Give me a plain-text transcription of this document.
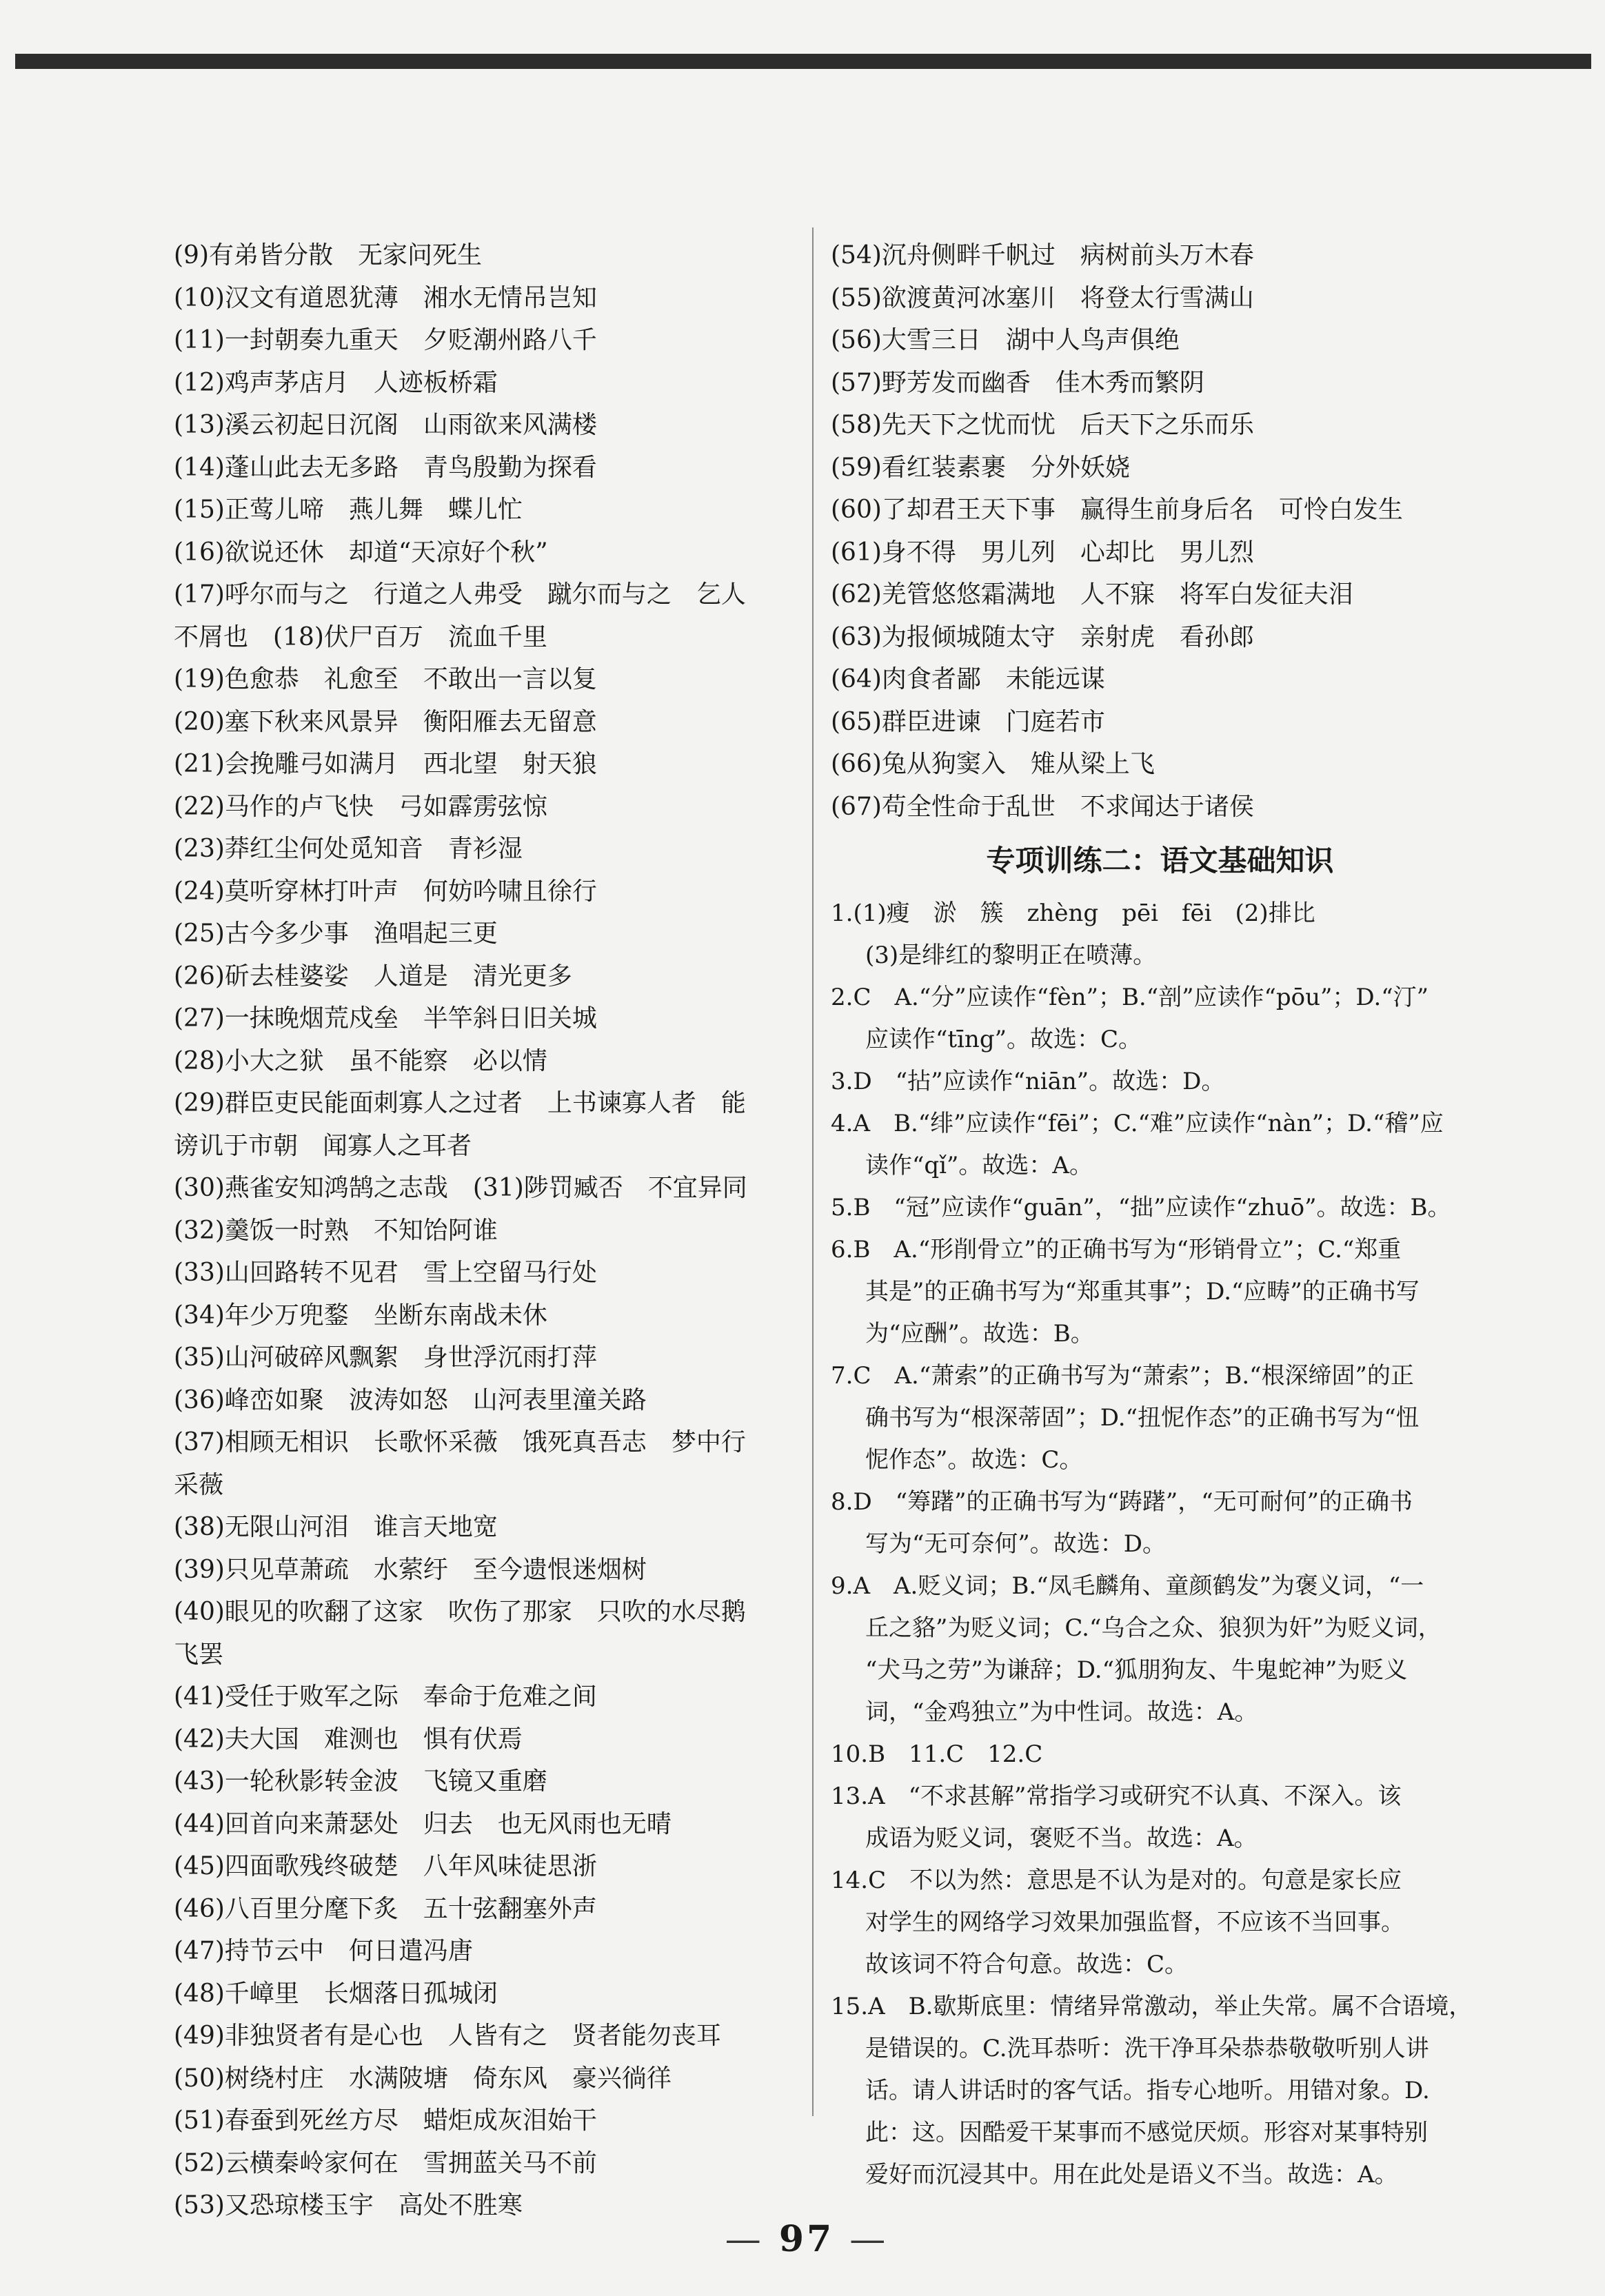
(9)有弟皆分散　无家问死生
(10)汉文有道恩犹薄　湘水无情吊岂知
(11)一封朝奏九重天　夕贬潮州路八千
(12)鸡声茅店月　人迹板桥霜
(13)溪云初起日沉阁　山雨欲来风满楼
(14)蓬山此去无多路　青鸟殷勤为探看
(15)正莺儿啼　燕儿舞　蝶儿忙
(16)欲说还休　却道“天凉好个秋”
(17)呼尔而与之　行道之人弗受　蹴尔而与之　乞人
不屑也　(18)伏尸百万　流血千里
(19)色愈恭　礼愈至　不敢出一言以复
(20)塞下秋来风景异　衡阳雁去无留意
(21)会挽雕弓如满月　西北望　射天狼
(22)马作的卢飞快　弓如霹雳弦惊
(23)莽红尘何处觅知音　青衫湿
(24)莫听穿林打叶声　何妨吟啸且徐行
(25)古今多少事　渔唱起三更
(26)斫去桂婆娑　人道是　清光更多
(27)一抹晚烟荒戍垒　半竿斜日旧关城
(28)小大之狱　虽不能察　必以情
(29)群臣吏民能面刺寡人之过者　上书谏寡人者　能
谤讥于市朝　闻寡人之耳者
(30)燕雀安知鸿鹄之志哉　(31)陟罚臧否　不宜异同
(32)羹饭一时熟　不知饴阿谁
(33)山回路转不见君　雪上空留马行处
(34)年少万兜鍪　坐断东南战未休
(35)山河破碎风飘絮　身世浮沉雨打萍
(36)峰峦如聚　波涛如怒　山河表里潼关路
(37)相顾无相识　长歌怀采薇　饿死真吾志　梦中行
采薇
(38)无限山河泪　谁言天地宽
(39)只见草萧疏　水萦纡　至今遗恨迷烟树
(40)眼见的吹翻了这家　吹伤了那家　只吹的水尽鹅
飞罢
(41)受任于败军之际　奉命于危难之间
(42)夫大国　难测也　惧有伏焉
(43)一轮秋影转金波　飞镜又重磨
(44)回首向来萧瑟处　归去　也无风雨也无晴
(45)四面歌残终破楚　八年风味徒思浙
(46)八百里分麾下炙　五十弦翻塞外声
(47)持节云中　何日遣冯唐
(48)千嶂里　长烟落日孤城闭
(49)非独贤者有是心也　人皆有之　贤者能勿丧耳
(50)树绕村庄　水满陂塘　倚东风　豪兴徜徉
(51)春蚕到死丝方尽　蜡炬成灰泪始干
(52)云横秦岭家何在　雪拥蓝关马不前
(53)又恐琼楼玉宇　高处不胜寒
(54)沉舟侧畔千帆过　病树前头万木春
(55)欲渡黄河冰塞川　将登太行雪满山
(56)大雪三日　湖中人鸟声俱绝
(57)野芳发而幽香　佳木秀而繁阴
(58)先天下之忧而忧　后天下之乐而乐
(59)看红装素裹　分外妖娆
(60)了却君王天下事　赢得生前身后名　可怜白发生
(61)身不得　男儿列　心却比　男儿烈
(62)羌管悠悠霜满地　人不寐　将军白发征夫泪
(63)为报倾城随太守　亲射虎　看孙郎
(64)肉食者鄙　未能远谋
(65)群臣进谏　门庭若市
(66)兔从狗窦入　雉从梁上飞
(67)苟全性命于乱世　不求闻达于诸侯
专项训练二：语文基础知识
1.(1)瘦　淤　簇　zhèng　pēi　fēi　(2)排比
(3)是绯红的黎明正在喷薄。
2.C　A.“分”应读作“fèn”；B.“剖”应读作“pōu”；D.“汀”
应读作“tīng”。故选：C。
3.D　“拈”应读作“niān”。故选：D。
4.A　B.“绯”应读作“fēi”；C.“难”应读作“nàn”；D.“稽”应
读作“qǐ”。故选：A。
5.B　“冠”应读作“guān”，“拙”应读作“zhuō”。故选：B。
6.B　A.“形削骨立”的正确书写为“形销骨立”；C.“郑重
其是”的正确书写为“郑重其事”；D.“应畴”的正确书写
为“应酬”。故选：B。
7.C　A.“萧索”的正确书写为“萧索”；B.“根深缔固”的正
确书写为“根深蒂固”；D.“扭怩作态”的正确书写为“忸
怩作态”。故选：C。
8.D　“筹躇”的正确书写为“踌躇”，“无可耐何”的正确书
写为“无可奈何”。故选：D。
9.A　A.贬义词；B.“凤毛麟角、童颜鹤发”为褒义词，“一
丘之貉”为贬义词；C.“乌合之众、狼狈为奸”为贬义词，
“犬马之劳”为谦辞；D.“狐朋狗友、牛鬼蛇神”为贬义
词，“金鸡独立”为中性词。故选：A。
10.B　11.C　12.C
13.A　“不求甚解”常指学习或研究不认真、不深入。该
成语为贬义词，褒贬不当。故选：A。
14.C　不以为然：意思是不认为是对的。句意是家长应
对学生的网络学习效果加强监督，不应该不当回事。
故该词不符合句意。故选：C。
15.A　B.歇斯底里：情绪异常激动，举止失常。属不合语境，
是错误的。C.洗耳恭听：洗干净耳朵恭恭敬敬听别人讲
话。请人讲话时的客气话。指专心地听。用错对象。D.
此：这。因酷爱干某事而不感觉厌烦。形容对某事特别
爱好而沉浸其中。用在此处是语义不当。故选：A。
— 97 —
